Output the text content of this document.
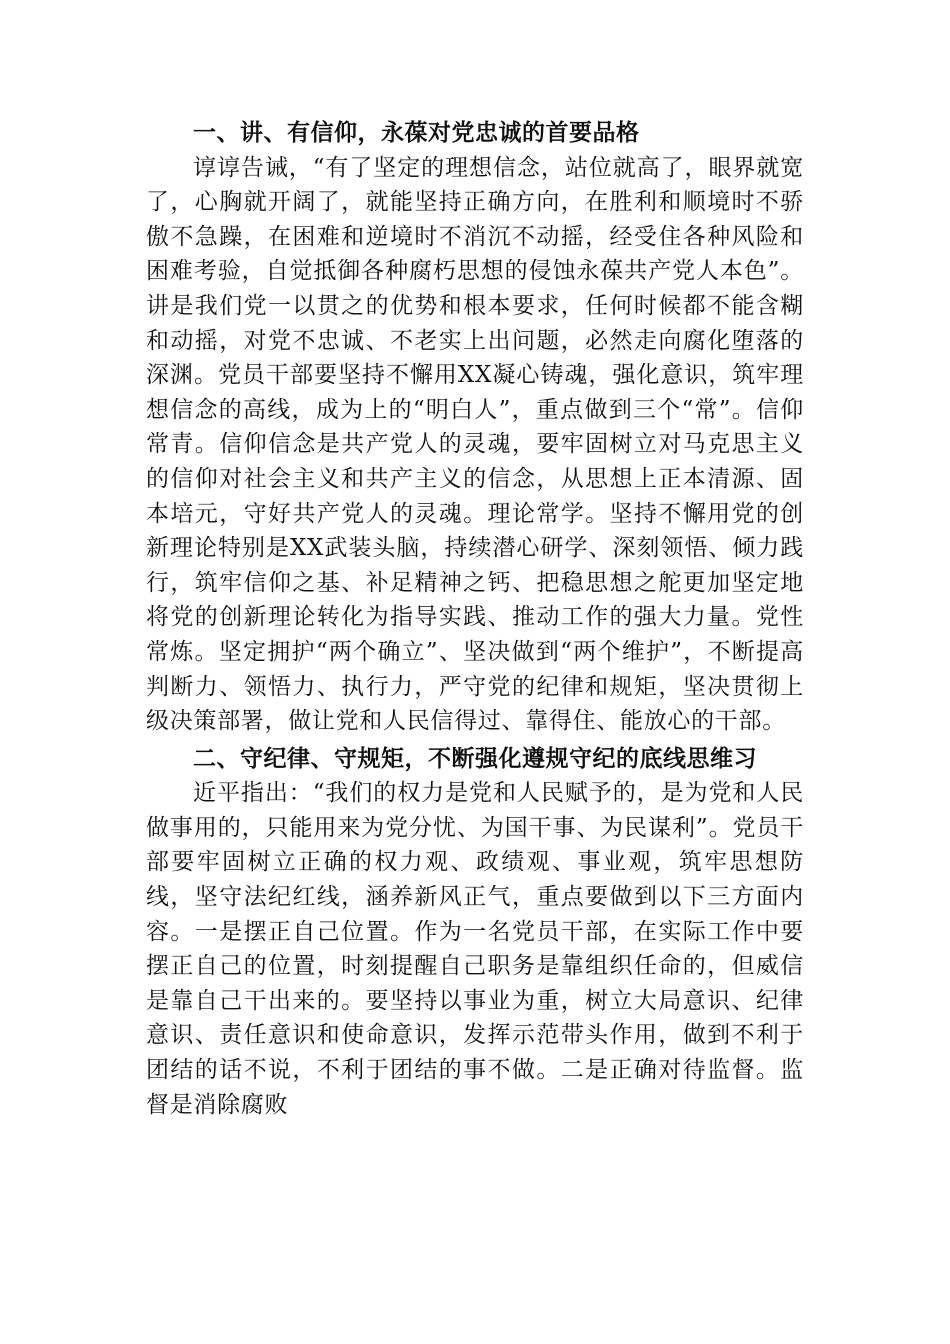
一、讲、有信仰，永葆对党忠诚的首要品格

谆谆告诫，“有了坚定的理想信念，站位就高了，眼界就宽了，心胸就开阔了，就能坚持正确方向，在胜利和顺境时不骄傲不急躁，在困难和逆境时不消沉不动摇，经受住各种风险和困难考验，自觉抵御各种腐朽思想的侵蚀永葆共产党人本色”。讲是我们党一以贯之的优势和根本要求，任何时候都不能含糊和动摇，对党不忠诚、不老实上出问题，必然走向腐化堕落的深渊。党员干部要坚持不懈用XX凝心铸魂，强化意识，筑牢理想信念的高线，成为上的“明白人”，重点做到三个“常”。信仰常青。信仰信念是共产党人的灵魂，要牢固树立对马克思主义的信仰对社会主义和共产主义的信念，从思想上正本清源、固本培元，守好共产党人的灵魂。理论常学。坚持不懈用党的创新理论特别是XX武装头脑，持续潜心研学、深刻领悟、倾力践行，筑牢信仰之基、补足精神之钙、把稳思想之舵更加坚定地将党的创新理论转化为指导实践、推动工作的强大力量。党性常炼。坚定拥护“两个确立”、坚决做到“两个维护”，不断提高判断力、领悟力、执行力，严守党的纪律和规矩，坚决贯彻上级决策部署，做让党和人民信得过、靠得住、能放心的干部。

二、守纪律、守规矩，不断强化遵规守纪的底线思维习

近平指出：“我们的权力是党和人民赋予的，是为党和人民做事用的，只能用来为党分忧、为国干事、为民谋利”。党员干部要牢固树立正确的权力观、政绩观、事业观，筑牢思想防线，坚守法纪红线，涵养新风正气，重点要做到以下三方面内容。一是摆正自己位置。作为一名党员干部，在实际工作中要摆正自己的位置，时刻提醒自己职务是靠组织任命的，但威信是靠自己干出来的。要坚持以事业为重，树立大局意识、纪律意识、责任意识和使命意识，发挥示范带头作用，做到不利于团结的话不说，不利于团结的事不做。二是正确对待监督。监督是消除腐败
